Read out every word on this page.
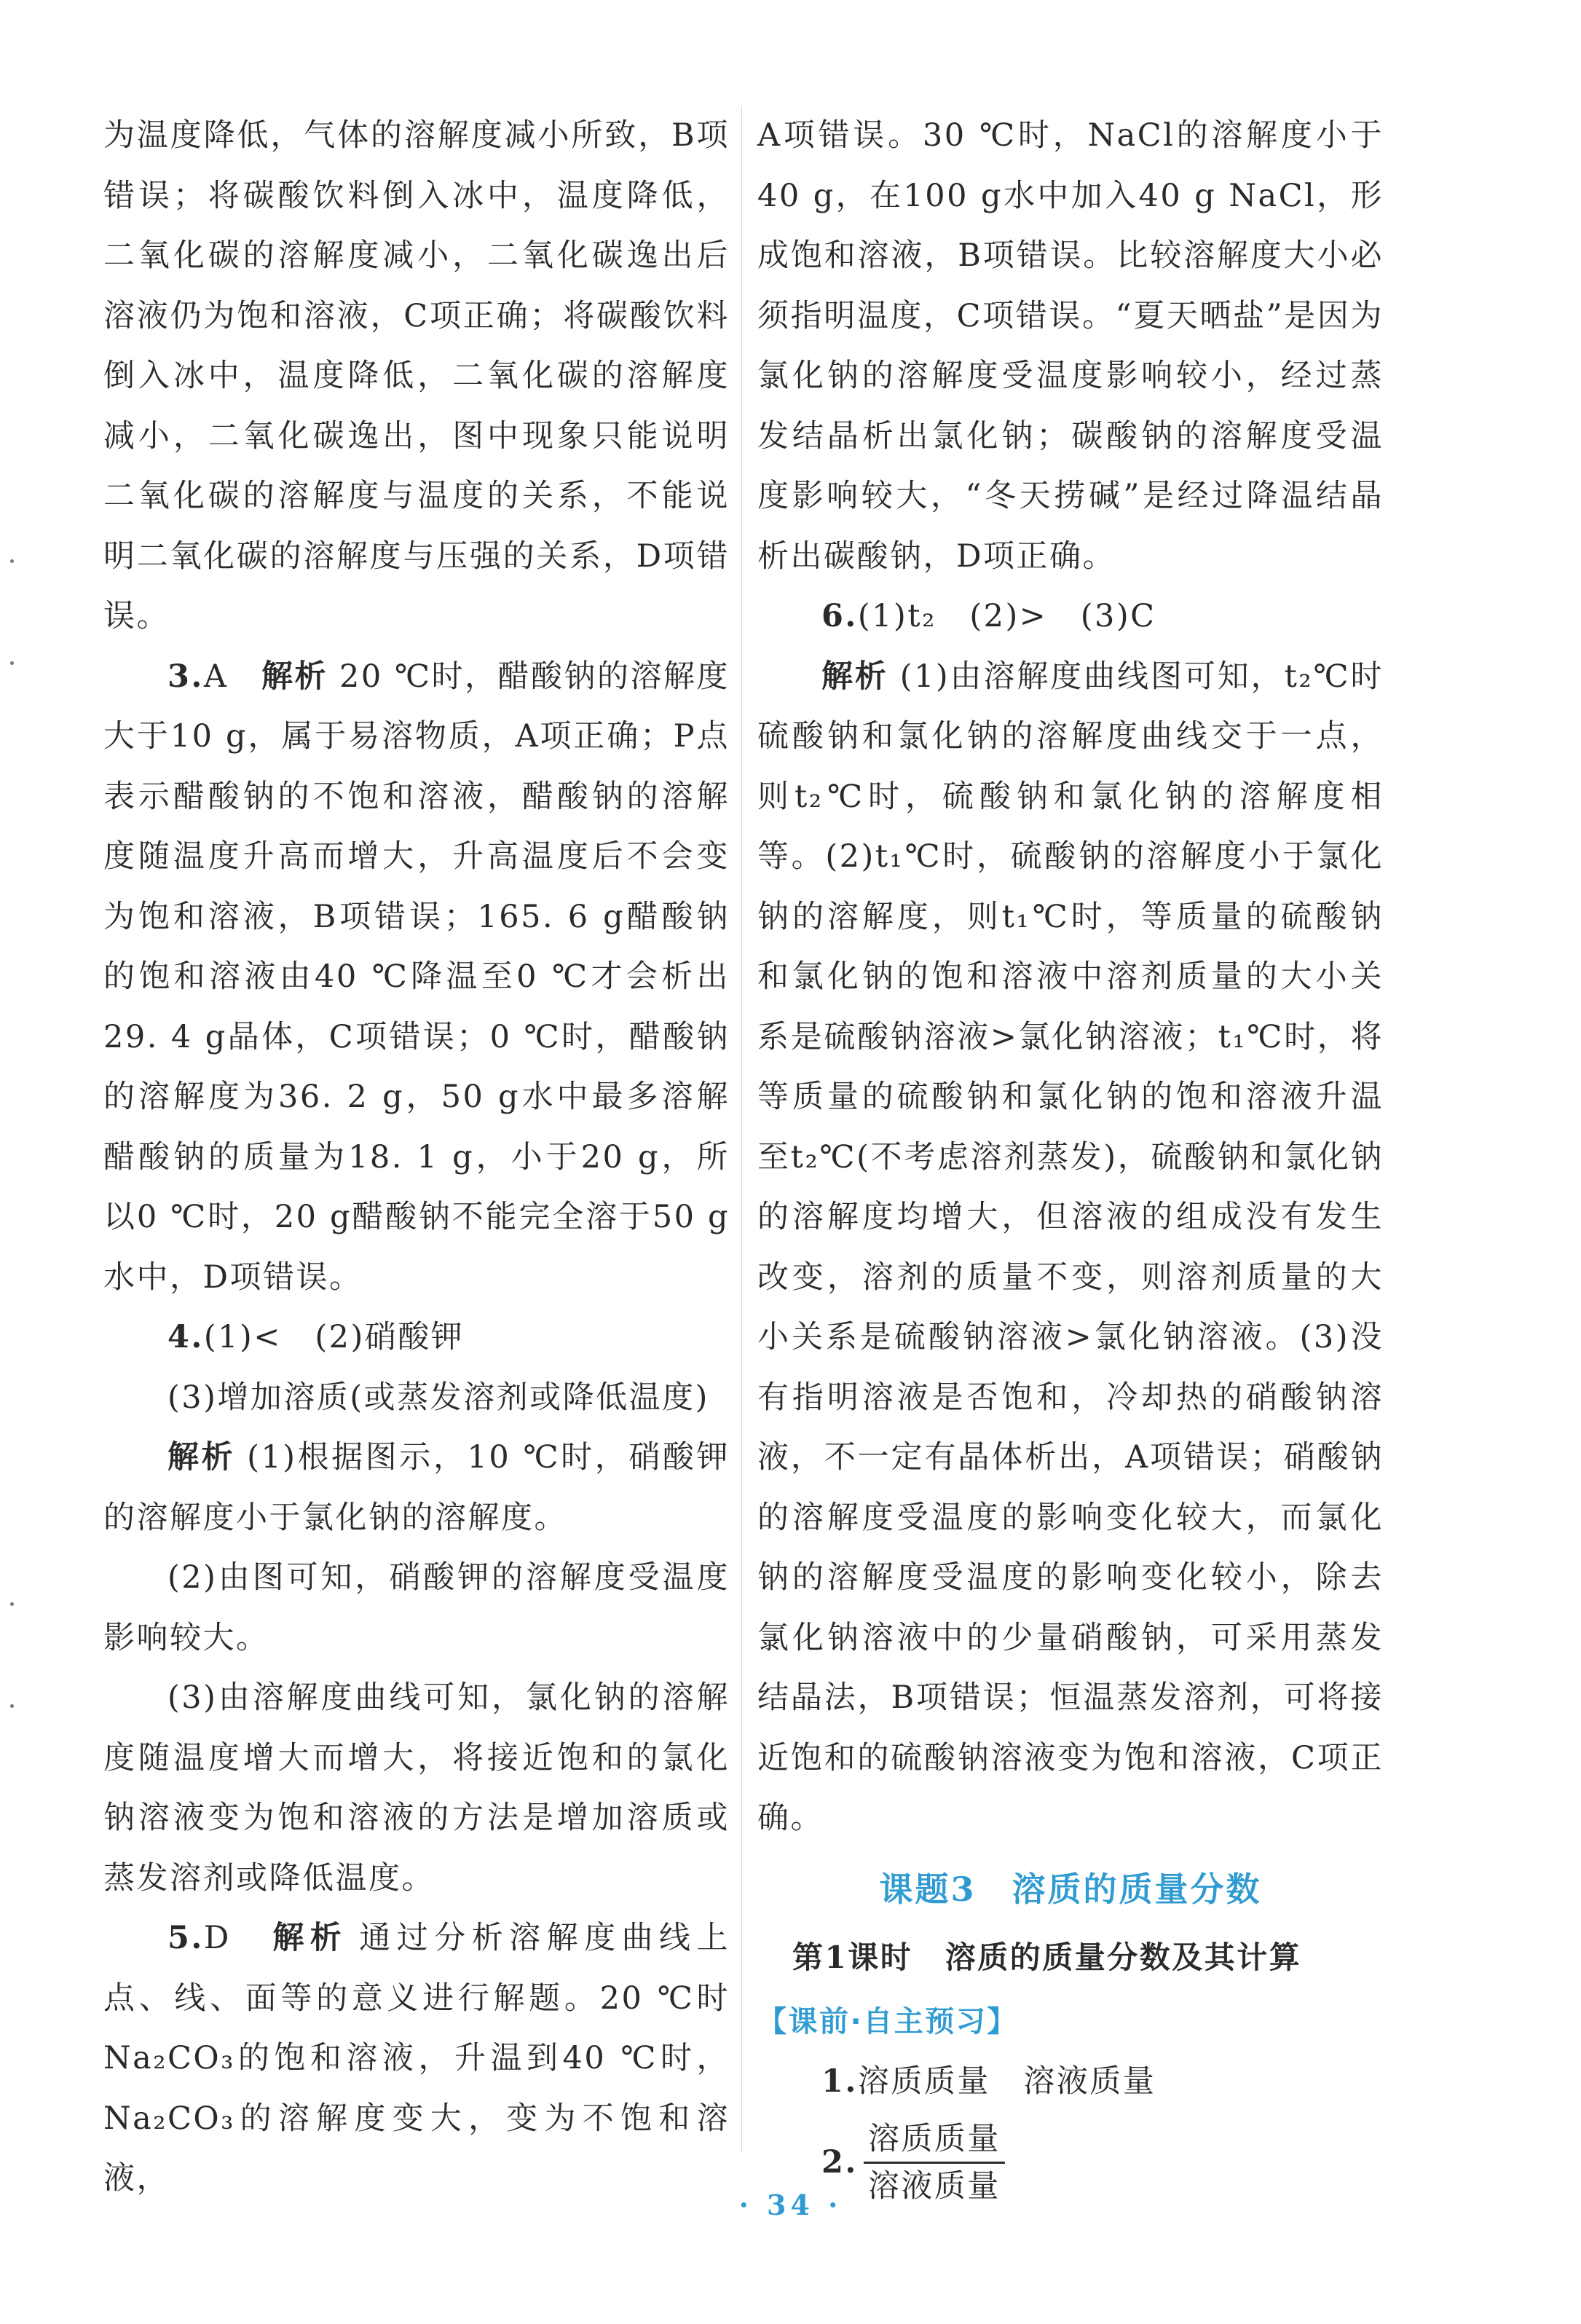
为温度降低，气体的溶解度减小所致，B项错误；将碳酸饮料倒入冰中，温度降低，二氧化碳的溶解度减小，二氧化碳逸出后溶液仍为饱和溶液，C项正确；将碳酸饮料倒入冰中，温度降低，二氧化碳的溶解度减小，二氧化碳逸出，图中现象只能说明二氧化碳的溶解度与温度的关系，不能说明二氧化碳的溶解度与压强的关系，D项错误。

3.A　 解析 20 ℃时，醋酸钠的溶解度大于10 g，属于易溶物质，A项正确；P点表示醋酸钠的不饱和溶液，醋酸钠的溶解度随温度升高而增大，升高温度后不会变为饱和溶液，B项错误；165. 6 g醋酸钠的饱和溶液由40 ℃降温至0 ℃才会析出29. 4 g晶体，C项错误；0 ℃时，醋酸钠的溶解度为36. 2 g，50 g水中最多溶解醋酸钠的质量为18. 1 g，小于20 g，所以0 ℃时，20 g醋酸钠不能完全溶于50 g水中，D项错误。

4.(1)<　(2)硝酸钾

(3)增加溶质(或蒸发溶剂或降低温度)

解析 (1)根据图示，10 ℃时，硝酸钾的溶解度小于氯化钠的溶解度。

(2)由图可知，硝酸钾的溶解度受温度影响较大。

(3)由溶解度曲线可知，氯化钠的溶解度随温度增大而增大，将接近饱和的氯化钠溶液变为饱和溶液的方法是增加溶质或蒸发溶剂或降低温度。

5.D　 解析 通过分析溶解度曲线上点、线、面等的意义进行解题。20 ℃时Na₂CO₃的饱和溶液，升温到40 ℃时，Na₂CO₃的溶解度变大，变为不饱和溶液，

A项错误。30 ℃时，NaCl的溶解度小于40 g，在100 g水中加入40 g NaCl，形成饱和溶液，B项错误。比较溶解度大小必须指明温度，C项错误。“夏天晒盐”是因为氯化钠的溶解度受温度影响较小，经过蒸发结晶析出氯化钠；碳酸钠的溶解度受温度影响较大，“冬天捞碱”是经过降温结晶析出碳酸钠，D项正确。

6.(1)t₂　(2)>　(3)C

解析 (1)由溶解度曲线图可知，t₂℃时硫酸钠和氯化钠的溶解度曲线交于一点，则t₂℃时，硫酸钠和氯化钠的溶解度相等。(2)t₁℃时，硫酸钠的溶解度小于氯化钠的溶解度，则t₁℃时，等质量的硫酸钠和氯化钠的饱和溶液中溶剂质量的大小关系是硫酸钠溶液>氯化钠溶液；t₁℃时，将等质量的硫酸钠和氯化钠的饱和溶液升温至t₂℃(不考虑溶剂蒸发)，硫酸钠和氯化钠的溶解度均增大，但溶液的组成没有发生改变，溶剂的质量不变，则溶剂质量的大小关系是硫酸钠溶液>氯化钠溶液。(3)没有指明溶液是否饱和，冷却热的硝酸钠溶液，不一定有晶体析出，A项错误；硝酸钠的溶解度受温度的影响变化较大，而氯化钠的溶解度受温度的影响变化较小，除去氯化钠溶液中的少量硝酸钠，可采用蒸发结晶法，B项错误；恒温蒸发溶剂，可将接近饱和的硫酸钠溶液变为饱和溶液，C项正确。

课题3　溶质的质量分数

第1课时　溶质的质量分数及其计算

【课前·自主预习】

1.溶质质量　溶液质量

2. $\frac{\text{溶质质量}}{\text{溶液质量}}$

· 34 ·
